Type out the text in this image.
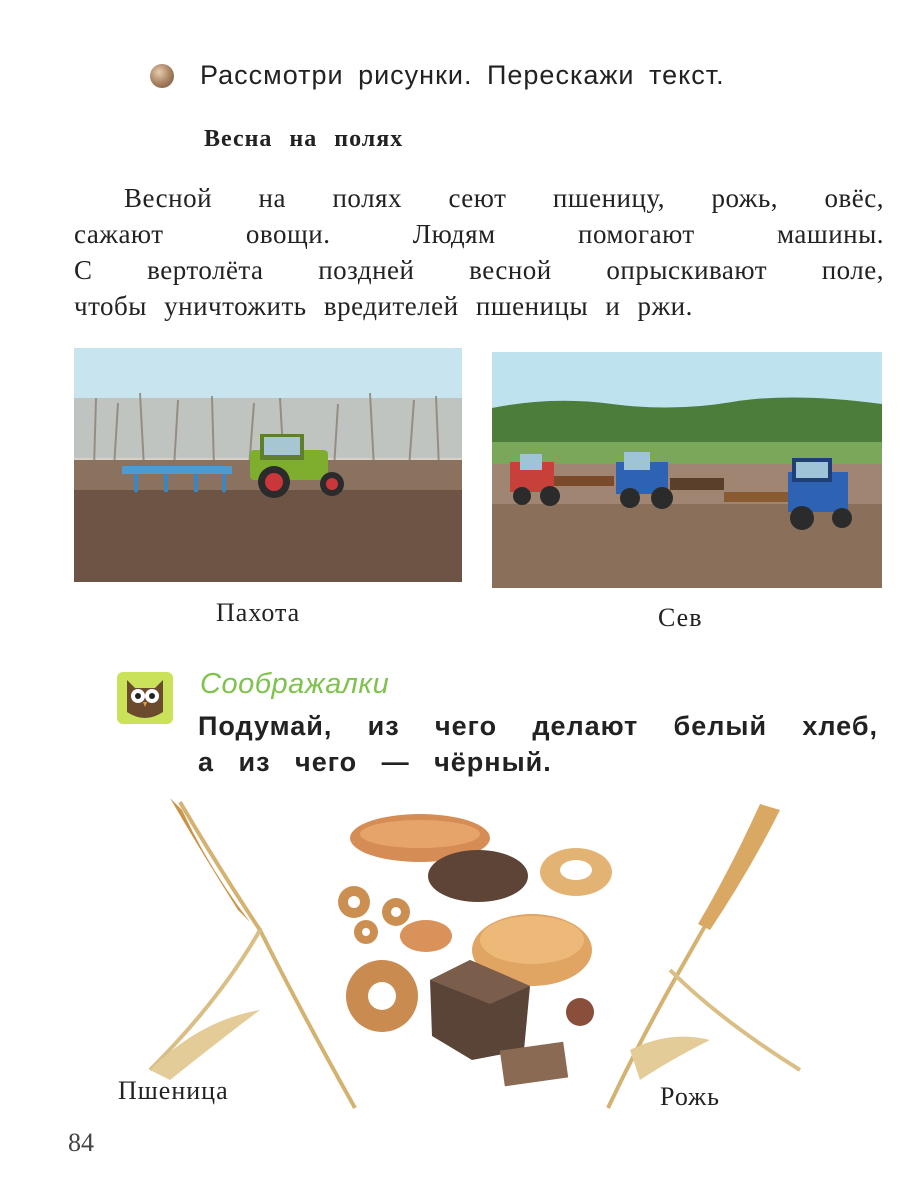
Рассмотри рисунки. Перескажи текст.
Весна на полях

Весной на полях сеют пшеницу, рожь, овёс,

сажают овощи. Людям помогают машины.

С вертолёта поздней весной опрыскивают поле,

чтобы уничтожить вредителей пшеницы и ржи.

Пахота	Сев
Соображалки

Подумай, из чего делают белый хлеб,

а из чего — чёрный.

Пшеница	Рожь
84
